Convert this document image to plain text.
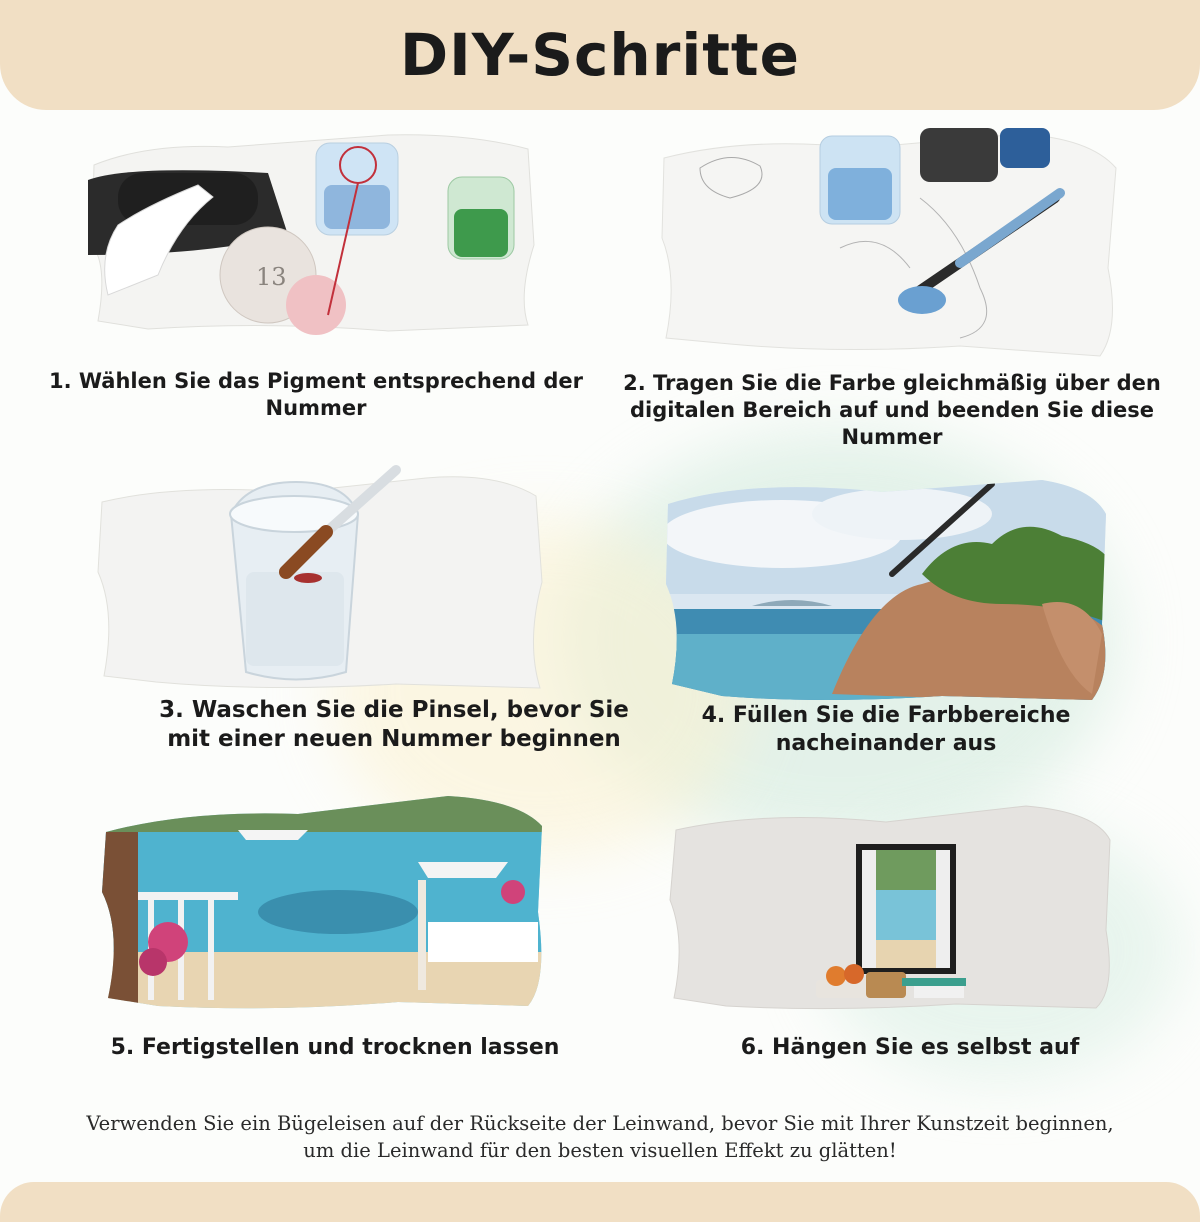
DIY-Schritte
13
1. Wählen Sie das Pigment entsprechend der Nummer
2. Tragen Sie die Farbe gleichmäßig über den digitalen Bereich auf und beenden Sie diese Nummer
3. Waschen Sie die Pinsel, bevor Sie mit einer neuen Nummer beginnen
4. Füllen Sie die Farbbereiche nacheinander aus
5. Fertigstellen und trocknen lassen	6. Hängen Sie es selbst auf
Verwenden Sie ein Bügeleisen auf der Rückseite der Leinwand, bevor Sie mit Ihrer Kunstzeit beginnen, um die Leinwand für den besten visuellen Effekt zu glätten!
